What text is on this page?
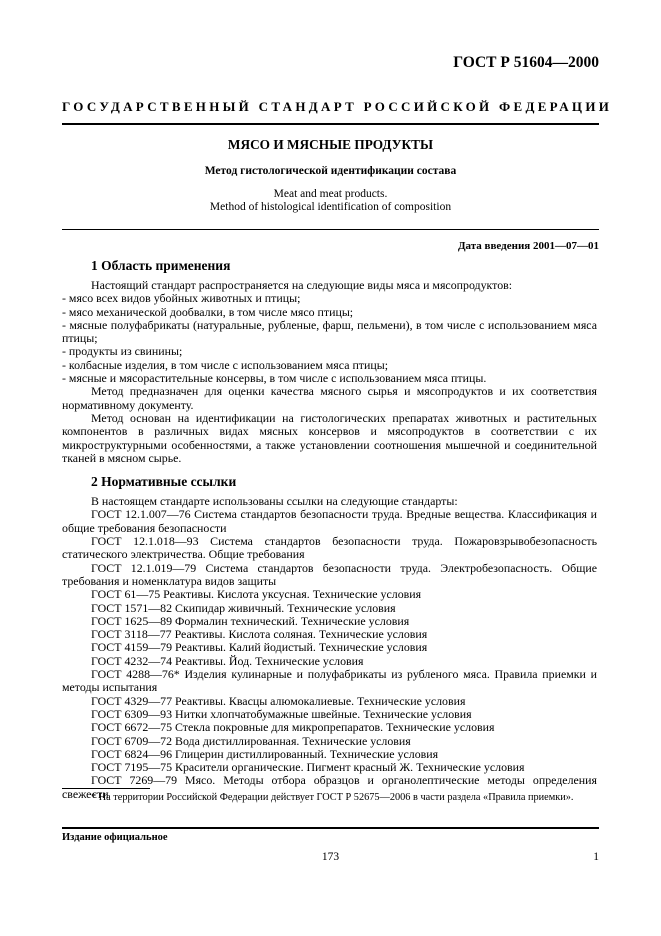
ГОСТ Р 51604—2000
ГОСУДАРСТВЕННЫЙ СТАНДАРТ РОССИЙСКОЙ ФЕДЕРАЦИИ
МЯСО И МЯСНЫЕ ПРОДУКТЫ
Метод гистологической идентификации состава
Meat and meat products.
Method of histological identification of composition
Дата введения 2001—07—01
1 Область применения

Настоящий стандарт распространяется на следующие виды мяса и мясопродуктов:

- мясо всех видов убойных животных и птицы;

- мясо механической дообвалки, в том числе мясо птицы;

- мясные полуфабрикаты (натуральные, рубленые, фарш, пельмени), в том числе с использованием мяса птицы;

- продукты из свинины;

- колбасные изделия, в том числе с использованием мяса птицы;

- мясные и мясорастительные консервы, в том числе с использованием мяса птицы.

Метод предназначен для оценки качества мясного сырья и мясопродуктов и их соответствия нормативному документу.

Метод основан на идентификации на гистологических препаратах животных и растительных компонентов в различных видах мясных консервов и мясопродуктов в соответствии с их микроструктурными особенностями, а также установлении соотношения мышечной и соединительной тканей в мясном сырье.

2 Нормативные ссылки

В настоящем стандарте использованы ссылки на следующие стандарты:

ГОСТ 12.1.007—76 Система стандартов безопасности труда. Вредные вещества. Классификация и общие требования безопасности

ГОСТ 12.1.018—93 Система стандартов безопасности труда. Пожаровзрывобезопасность статического электричества. Общие требования

ГОСТ 12.1.019—79 Система стандартов безопасности труда. Электробезопасность. Общие требования и номенклатура видов защиты

ГОСТ 61—75 Реактивы. Кислота уксусная. Технические условия

ГОСТ 1571—82 Скипидар живичный. Технические условия

ГОСТ 1625—89 Формалин технический. Технические условия

ГОСТ 3118—77 Реактивы. Кислота соляная. Технические условия

ГОСТ 4159—79 Реактивы. Калий йодистый. Технические условия

ГОСТ 4232—74 Реактивы. Йод. Технические условия

ГОСТ 4288—76* Изделия кулинарные и полуфабрикаты из рубленого мяса. Правила приемки и методы испытания

ГОСТ 4329—77 Реактивы. Квасцы алюмокалиевые. Технические условия

ГОСТ 6309—93 Нитки хлопчатобумажные швейные. Технические условия

ГОСТ 6672—75 Стекла покровные для микропрепаратов. Технические условия

ГОСТ 6709—72 Вода дистиллированная. Технические условия

ГОСТ 6824—96 Глицерин дистиллированный. Технические условия

ГОСТ 7195—75 Красители органические. Пигмент красный Ж. Технические условия

ГОСТ 7269—79 Мясо. Методы отбора образцов и органолептические методы определения свежести

* На территории Российской Федерации действует ГОСТ Р 52675—2006 в части раздела «Правила приемки».
Издание официальное
173	1
